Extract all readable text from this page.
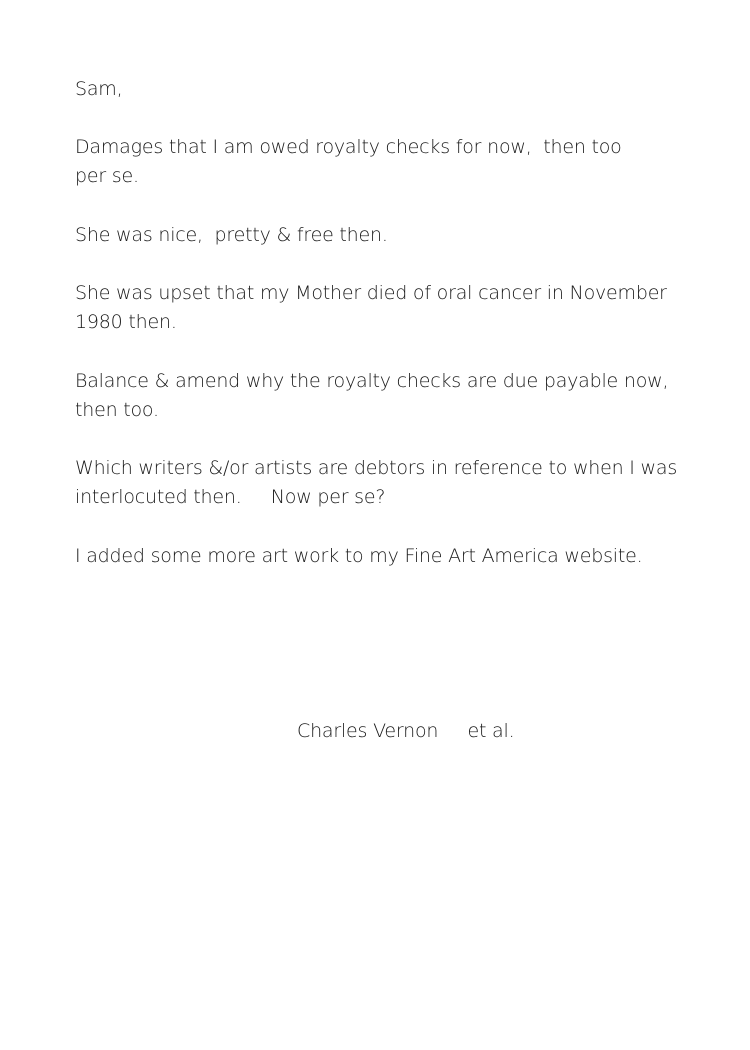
Sam,
Damages that I am owed royalty checks for now,  then too
per se.
She was nice,  pretty & free then.
She was upset that my Mother died of oral cancer in November
1980 then.
Balance & amend why the royalty checks are due payable now,
then too.
Which writers &/or artists are debtors in reference to when I was
interlocuted then.     Now per se?
I added some more art work to my Fine Art America website.
Charles Vernon     et al.
